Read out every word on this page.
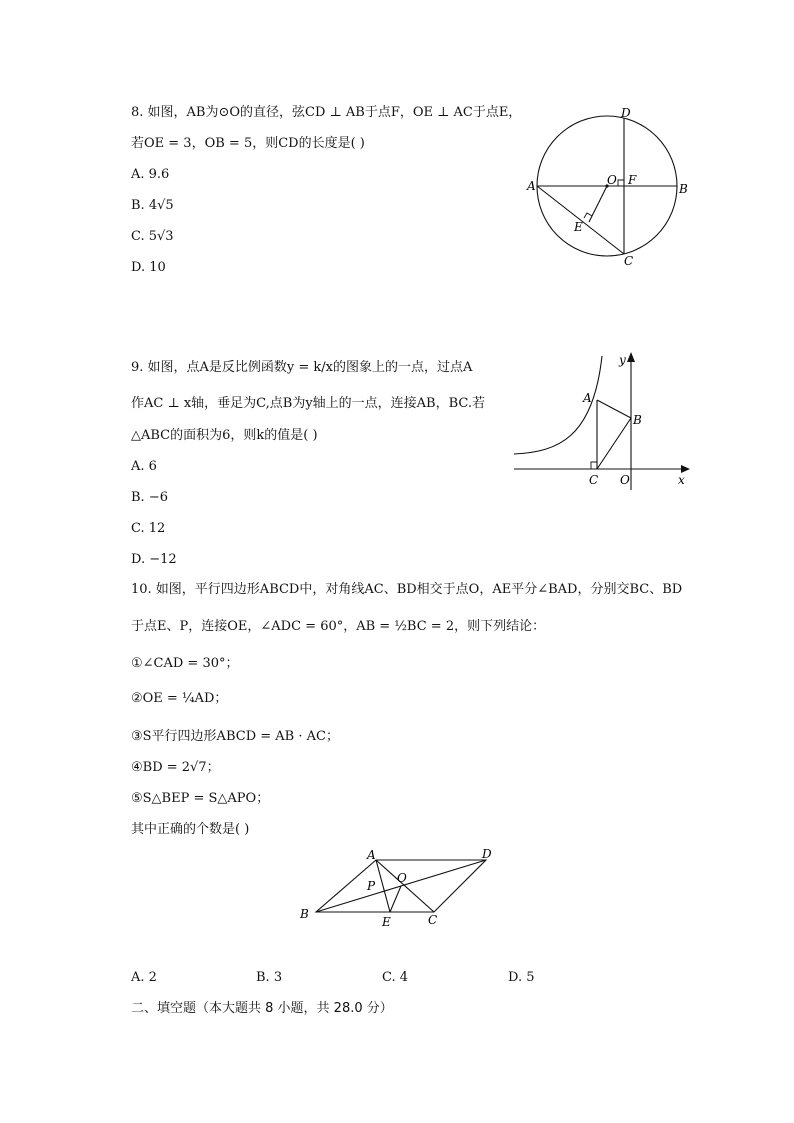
8. 如图，AB为⊙O的直径，弦CD ⊥ AB于点F，OE ⊥ AC于点E，
若OE = 3，OB = 5，则CD的长度是( )
A. 9.6
B. 4√5
C. 5√3
D. 10
D
A	B
O F
E
C
9. 如图，点A是反比例函数y = k/x的图象上的一点，过点A
作AC ⊥ x轴，垂足为C,点B为y轴上的一点，连接AB，BC.若
△ABC的面积为6，则k的值是( )
A. 6
B. −6
C. 12
D. −12
y
A
B
C O	x
10. 如图，平行四边形ABCD中，对角线AC、BD相交于点O，AE平分∠BAD，分别交BC、BD
于点E、P，连接OE，∠ADC = 60°，AB = ½BC = 2，则下列结论：
①∠CAD = 30°；
②OE = ¼AD；
③S平行四边形ABCD = AB · AC；
④BD = 2√7；
⑤S△BEP = S△APO；
其中正确的个数是( )
A	D
P
O
B
E	C
A. 2	B. 3	C. 4	D. 5
二、填空题（本大题共 8 小题，共 28.0 分）
